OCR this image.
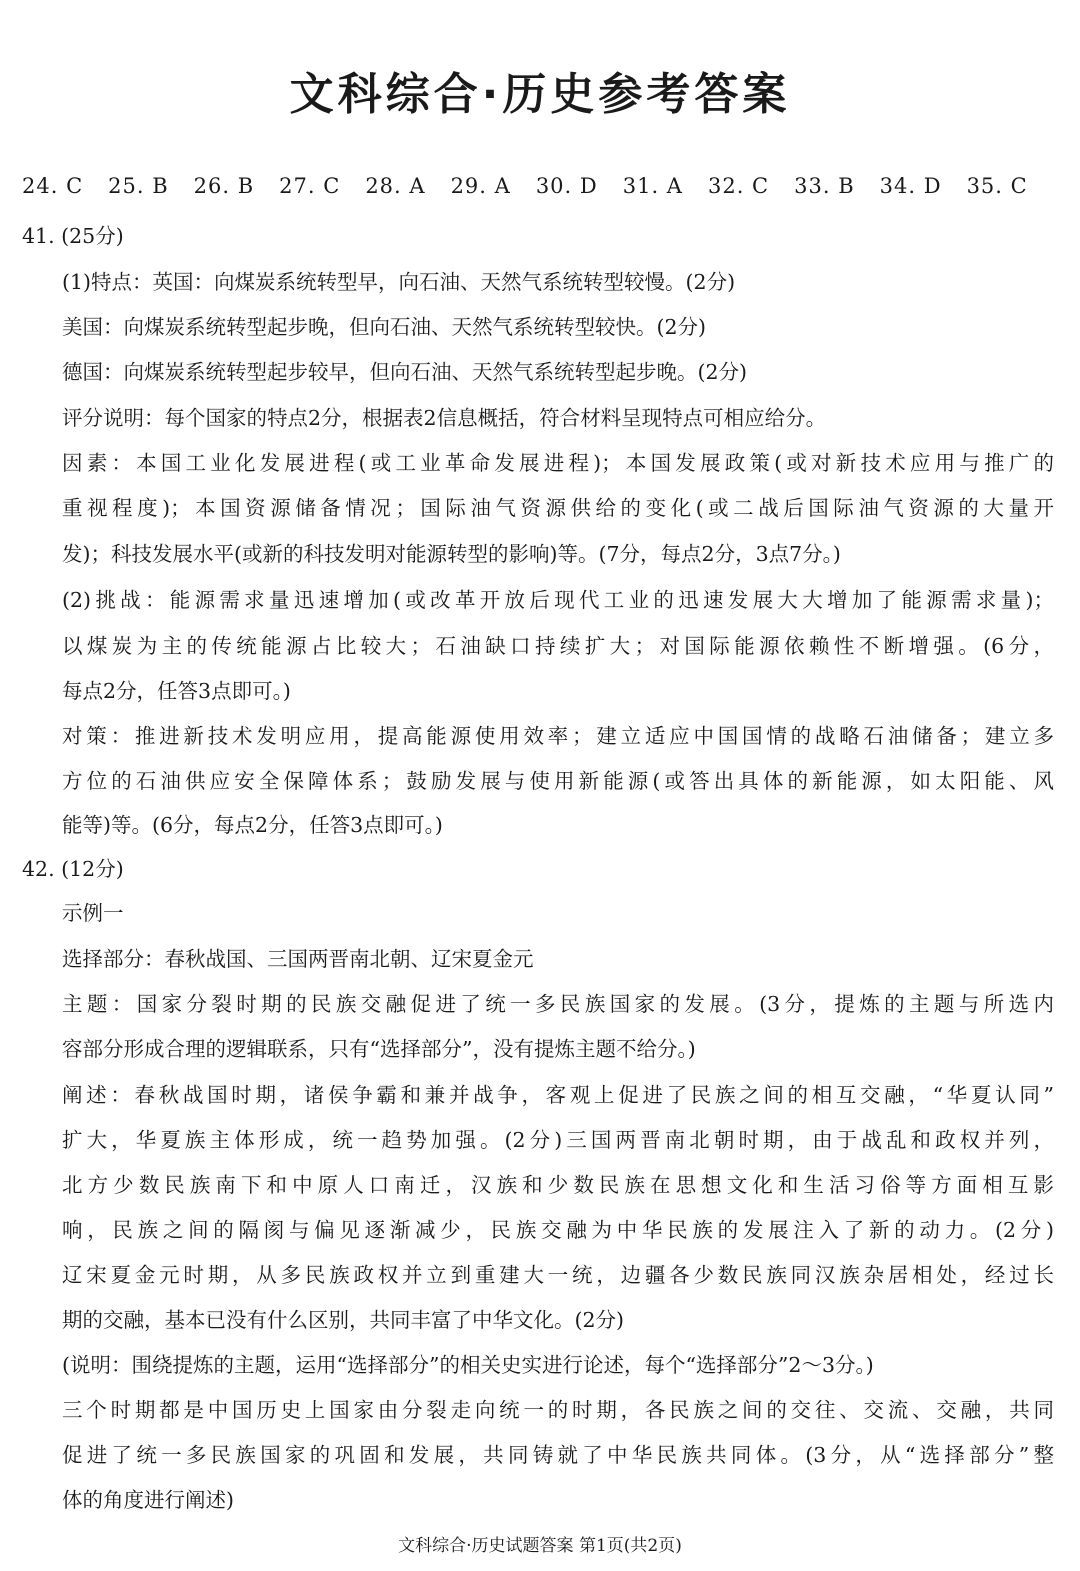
文科综合·历史参考答案
24. C 25. B 26. B 27. C 28. A 29. A 30. D 31. A 32. C 33. B 34. D 35. C
41. (25分)
(1)特点：英国：向煤炭系统转型早，向石油、天然气系统转型较慢。(2分)
美国：向煤炭系统转型起步晚，但向石油、天然气系统转型较快。(2分)
德国：向煤炭系统转型起步较早，但向石油、天然气系统转型起步晚。(2分)
评分说明：每个国家的特点2分，根据表2信息概括，符合材料呈现特点可相应给分。
因素：本国工业化发展进程(或工业革命发展进程)；本国发展政策(或对新技术应用与推广的
重视程度)；本国资源储备情况；国际油气资源供给的变化(或二战后国际油气资源的大量开
发)；科技发展水平(或新的科技发明对能源转型的影响)等。(7分，每点2分，3点7分。)
(2)挑战：能源需求量迅速增加(或改革开放后现代工业的迅速发展大大增加了能源需求量)；
以煤炭为主的传统能源占比较大；石油缺口持续扩大；对国际能源依赖性不断增强。(6分，
每点2分，任答3点即可。)
对策：推进新技术发明应用，提高能源使用效率；建立适应中国国情的战略石油储备；建立多
方位的石油供应安全保障体系；鼓励发展与使用新能源(或答出具体的新能源，如太阳能、风
能等)等。(6分，每点2分，任答3点即可。)
42. (12分)
示例一
选择部分：春秋战国、三国两晋南北朝、辽宋夏金元
主题：国家分裂时期的民族交融促进了统一多民族国家的发展。(3分，提炼的主题与所选内
容部分形成合理的逻辑联系，只有“选择部分”，没有提炼主题不给分。)
阐述：春秋战国时期，诸侯争霸和兼并战争，客观上促进了民族之间的相互交融，“华夏认同”
扩大，华夏族主体形成，统一趋势加强。(2分)三国两晋南北朝时期，由于战乱和政权并列，
北方少数民族南下和中原人口南迁，汉族和少数民族在思想文化和生活习俗等方面相互影
响，民族之间的隔阂与偏见逐渐减少，民族交融为中华民族的发展注入了新的动力。(2分)
辽宋夏金元时期，从多民族政权并立到重建大一统，边疆各少数民族同汉族杂居相处，经过长
期的交融，基本已没有什么区别，共同丰富了中华文化。(2分)
(说明：围绕提炼的主题，运用“选择部分”的相关史实进行论述，每个“选择部分”2～3分。)
三个时期都是中国历史上国家由分裂走向统一的时期，各民族之间的交往、交流、交融，共同
促进了统一多民族国家的巩固和发展，共同铸就了中华民族共同体。(3分，从“选择部分”整
体的角度进行阐述)
文科综合·历史试题答案 第1页(共2页)
